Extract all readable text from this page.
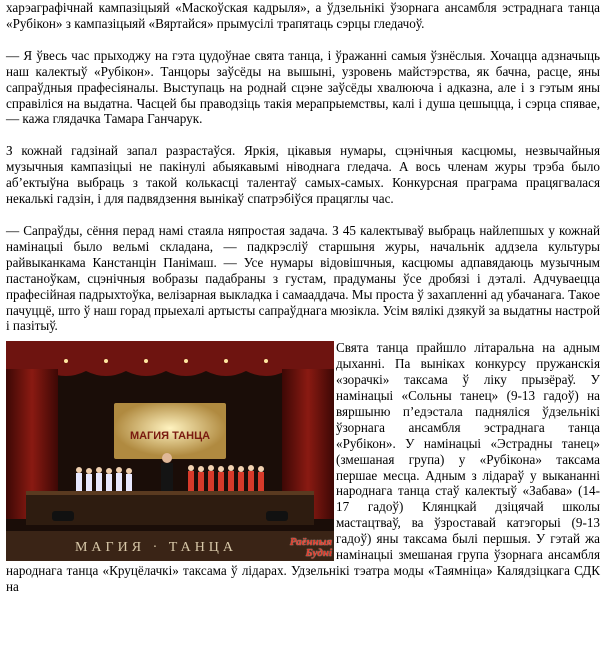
харэаграфічнай кампазіцыяй «Маскоўская кадрыля», а ўдзельнікі ўзорнага ансамбля эстраднага танца «Рубікон» з кампазіцыяй «Вяртайся» прымусілі трапятаць сэрцы гледачоў.

— Я ўвесь час прыходжу на гэта цудоўнае свята танца, і ўражанні самыя ўзнёслыя. Хочацца адзначыць наш калектыў «Рубікон». Танцоры заўсёды на вышыні, узровень майстэрства, як бачна, расце, яны сапраўдныя прафесіяналы. Выступаць на роднай сцэне заўсёды хвалююча і адказна, але і з гэтым яны справіліся на выдатна. Часцей бы праводзіць такія мерапрыемствы, калі і душа цешыцца, і сэрца спявае, — кажа глядачка Тамара Ганчарук.

З кожнай гадзінай запал разрастаўся. Яркія, цікавыя нумары, сцэнічныя касцюмы, незвычайныя музычныя кампазіцыі не пакінулі абыякавымі ніводнага гледача. А вось членам журы трэба было аб’ектыўна выбраць з такой колькасці талентаў самых-самых. Конкурсная праграма працягвалася некалькі гадзін, і для падвядзення вынікаў спатрэбіўся працяглы час.

— Сапраўды, сёння перад намі стаяла няпростая задача. З 45 калектываў выбраць найлепшых у кожнай намінацыі было вельмі складана, — падкрэсліў старшыня журы, начальнік аддзела культуры райвыканкама Канстанцін Панімаш. — Усе нумары відовішчныя, касцюмы адпавядаюць музычным пастаноўкам, сцэнічныя вобразы падабраны з густам, прадуманы ўсе дробязі і дэталі. Адчуваецца прафесійная падрыхтоўка, велізарная выкладка і самааддача. Мы проста ў захапленні ад убачанага. Такое пачуццё, што ў наш горад прыехалі артысты сапраўднага мюзікла. Усім вялікі дзякуй за выдатны настрой і пазітыў.

МАГИЯ ТАНЦА
МАГИЯ · ТАНЦА	Раённыя
Будні
Свята танца прайшло літаральна на адным дыханні. Па выніках конкурсу пружанскія «зорачкі» таксама ў ліку прызёраў. У намінацыі «Сольны танец» (9-13 гадоў) на вяршыню п’едэстала падняліся ўдзельнікі ўзорнага ансамбля эстраднага танца «Рубікон». У намінацыі «Эстрадны танец» (змешаная група) у «Рубікона» таксама першае месца. Адным з лідараў у выкананні народнага танца стаў калектыў «Забава» (14-17 гадоў) Клянцкай дзіцячай школы мастацтваў, ва ўзроставай катэгорыі (9-13 гадоў) яны таксама былі першыя. У гэтай жа намінацыі змешаная група ўзорнага ансамбля народнага танца «Круцёлачкі» таксама ў лідарах. Удзельнікі тэатра моды «Таямніца» Калядзіцкага СДК на
